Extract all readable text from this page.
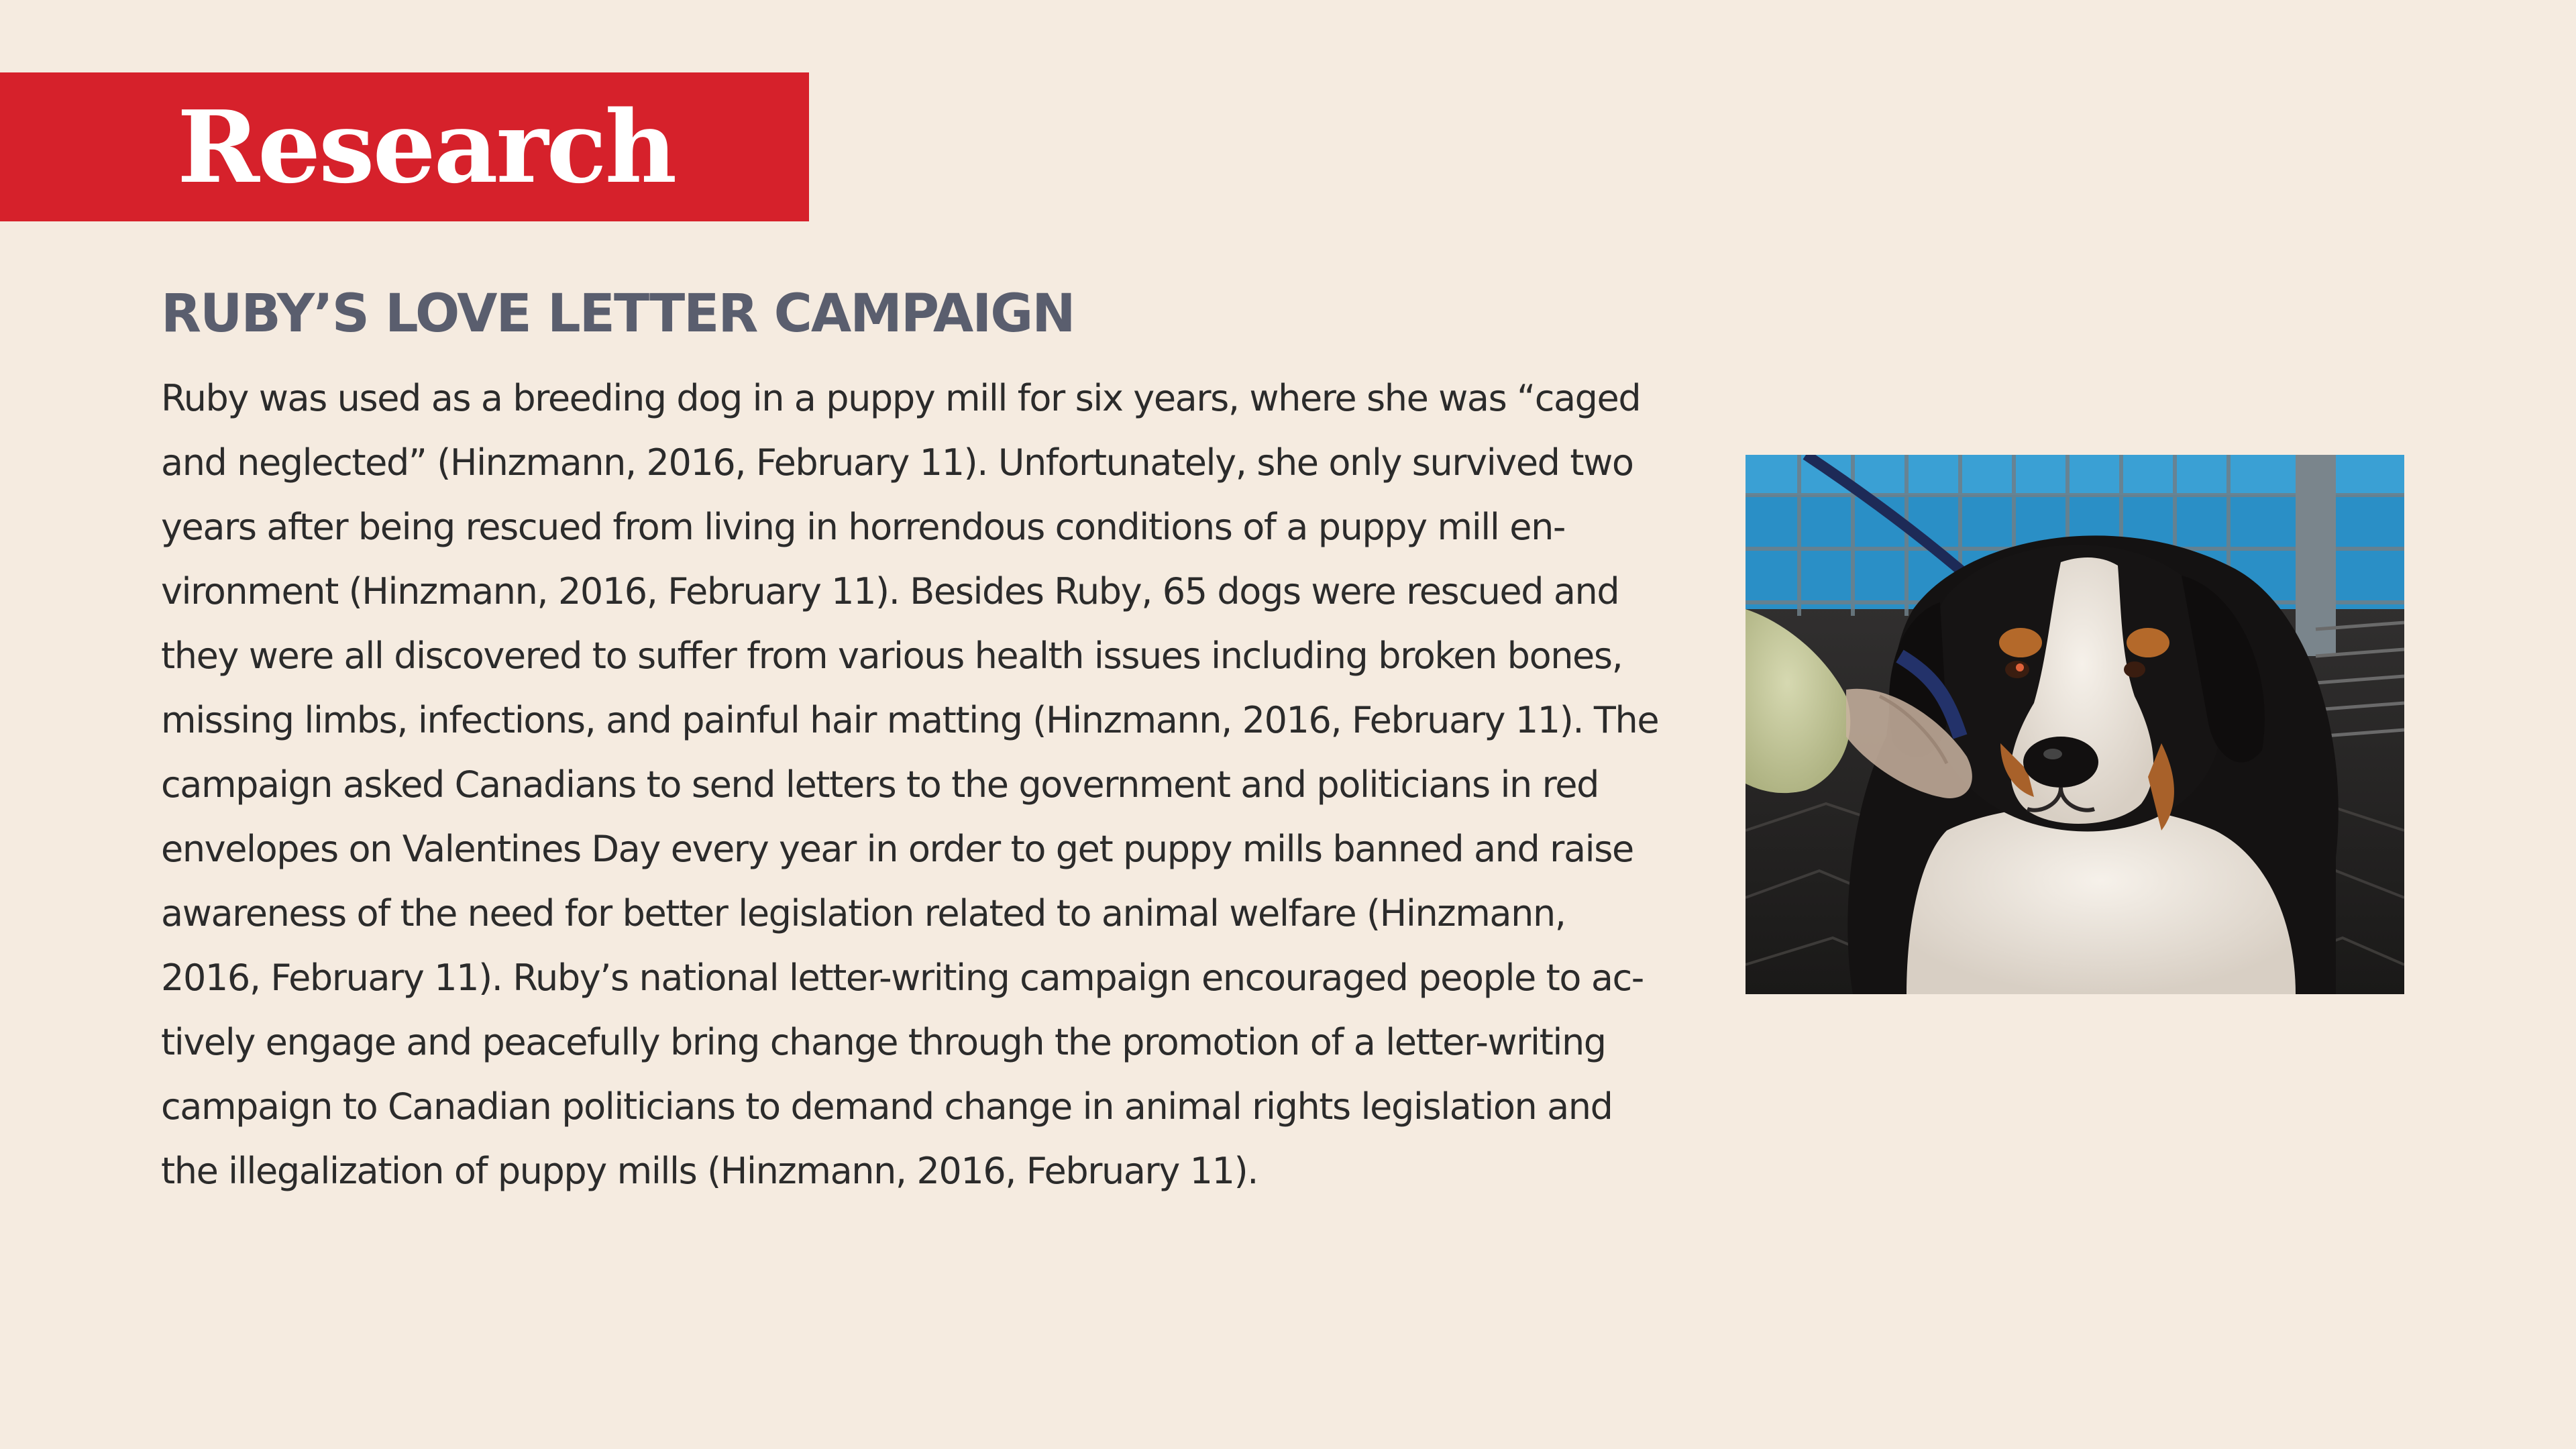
Research
RUBY’S LOVE LETTER CAMPAIGN

Ruby was used as a breeding dog in a puppy mill for six years, where she was “caged
and neglected” (Hinzmann, 2016, February 11). Unfortunately, she only survived two
years after being rescued from living in horrendous conditions of a puppy mill en-
vironment (Hinzmann, 2016, February 11). Besides Ruby, 65 dogs were rescued and
they were all discovered to suffer from various health issues including broken bones,
missing limbs, infections, and painful hair matting (Hinzmann, 2016, February 11). The
campaign asked Canadians to send letters to the government and politicians in red
envelopes on Valentines Day every year in order to get puppy mills banned and raise
awareness of the need for better legislation related to animal welfare (Hinzmann,
2016, February 11). Ruby’s national letter-writing campaign encouraged people to ac-
tively engage and peacefully bring change through the promotion of a letter-writing
campaign to Canadian politicians to demand change in animal rights legislation and
the illegalization of puppy mills (Hinzmann, 2016, February 11).
